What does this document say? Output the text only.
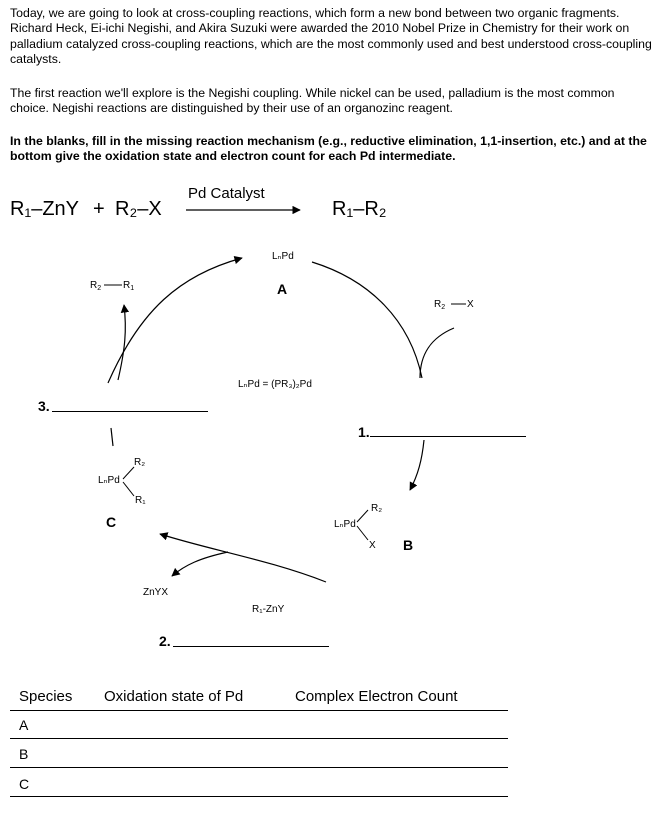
Today, we are going to look at cross-coupling reactions, which form a new bond between two organic fragments. Richard Heck, Ei-ichi Negishi, and Akira Suzuki were awarded the 2010 Nobel Prize in Chemistry for their work on palladium catalyzed cross-coupling reactions, which are the most commonly used and best understood cross-coupling catalysts.

The first reaction we'll explore is the Negishi coupling. While nickel can be used, palladium is the most common choice. Negishi reactions are distinguished by their use of an organozinc reagent.

In the blanks, fill in the missing reaction mechanism (e.g., reductive elimination, 1,1-insertion, etc.) and at the bottom give the oxidation state and electron count for each Pd intermediate.

R₁–ZnY + R₂–X
Pd Catalyst
R₁–R₂
LₙPd
A
LₙPd = (PR₃)₂Pd
$R_2$ X
$R_2$ $R_1$
1.
R₂
LₙPd
X B
ZnYX
R₁-ZnY
2.
R₂
LₙPd
R₁
C
3.
Species Oxidation state of Pd	Complex Electron Count
A
B
C
